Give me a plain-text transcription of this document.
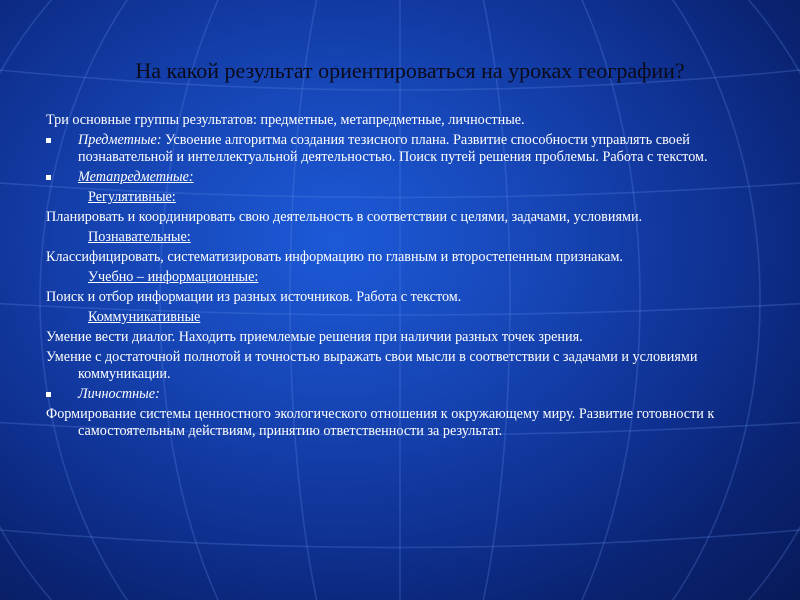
На какой результат ориентироваться на уроках географии?
Три основные группы результатов: предметные, метапредметные, личностные.
Предметные: Усвоение алгоритма создания тезисного плана. Развитие способности управлять своей познавательной и интеллектуальной деятельностью. Поиск путей решения проблемы. Работа с текстом.
Метапредметные:
Регулятивные:
Планировать и координировать свою деятельность в соответствии с целями, задачами, условиями.
Познавательные:
Классифицировать, систематизировать информацию по главным и второстепенным признакам.
Учебно – информационные:
Поиск и отбор информации из разных источников. Работа с текстом.
Коммуникативные
Умение вести диалог. Находить приемлемые решения при наличии разных точек зрения.
Умение с достаточной полнотой и точностью выражать свои мысли в соответствии с задачами и условиями коммуникации.
Личностные:
Формирование системы ценностного экологического отношения к окружающему миру. Развитие готовности к самостоятельным действиям, принятию ответственности за результат.
